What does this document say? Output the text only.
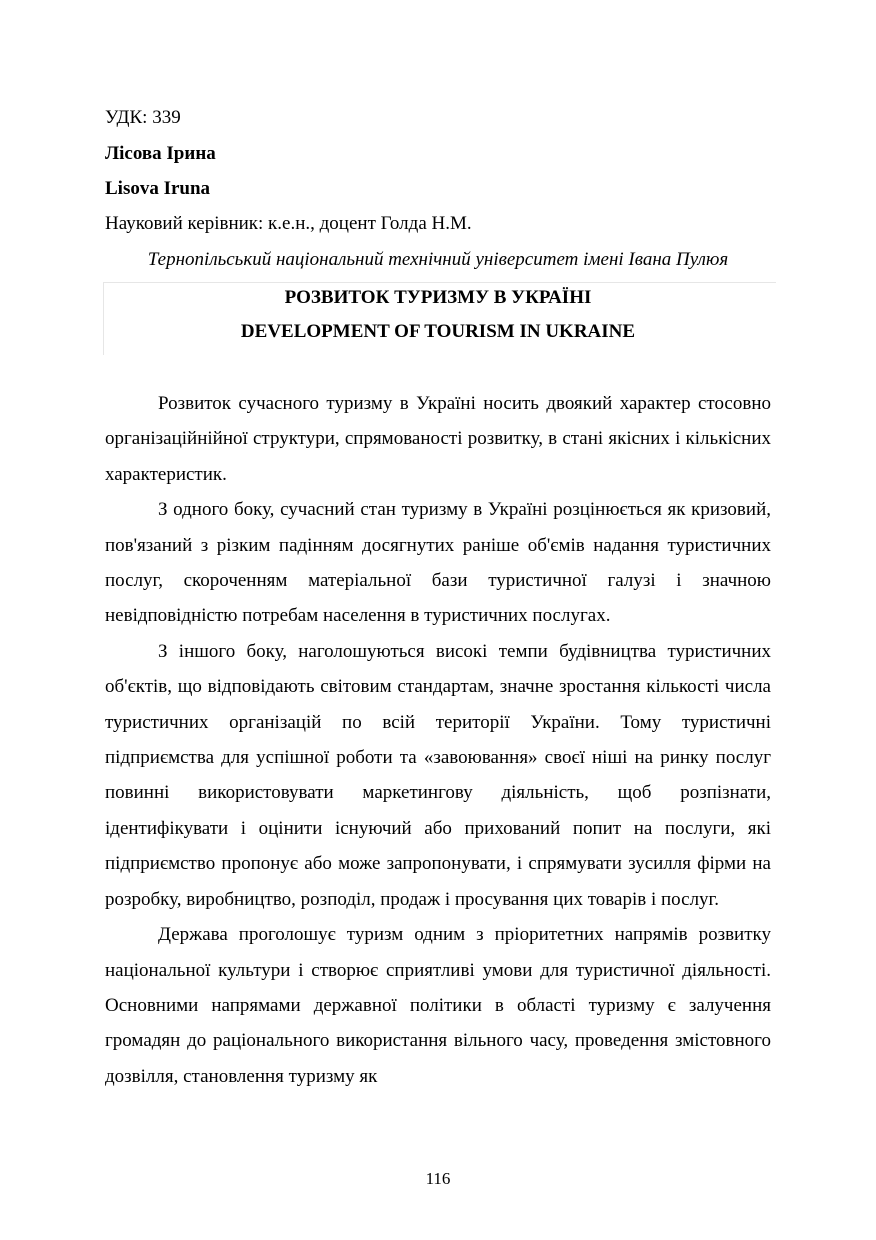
УДК: 339
Лісова Ірина
Lisova Iruna
Науковий керівник: к.е.н., доцент Голда Н.М.
Тернопільський національний технічний університет імені Івана Пулюя
РОЗВИТОК ТУРИЗМУ В УКРАЇНІ
DEVELOPMENT OF TOURISM IN UKRAINE

Розвиток сучасного туризму в Україні носить двоякий характер стосовно організаційнійної структури, спрямованості розвитку, в стані якісних і кількісних характеристик.

З одного боку, сучасний стан туризму в Україні розцінюється як кризовий, пов'язаний з різким падінням досягнутих раніше об'ємів надання туристичних послуг, скороченням матеріальної бази туристичної галузі і значною невідповідністю потребам населення в туристичних послугах.

З іншого боку, наголошуються високі темпи будівництва туристичних об'єктів, що відповідають світовим стандартам, значне зростання кількості числа туристичних організацій по всій території України. Тому туристичні підприємства для успішної роботи та «завоювання» своєї ніші на ринку послуг повинні використовувати маркетингову діяльність, щоб розпізнати, ідентифікувати і оцінити існуючий або прихований попит на послуги, які підприємство пропонує або може запропонувати, і спрямувати зусилля фірми на розробку, виробництво, розподіл, продаж і просування цих товарів і послуг.

Держава проголошує туризм одним з пріоритетних напрямів розвитку національної культури і створює сприятливі умови для туристичної діяльності. Основними напрямами державної політики в області туризму є залучення громадян до раціонального використання вільного часу, проведення змістовного дозвілля, становлення туризму як

116
